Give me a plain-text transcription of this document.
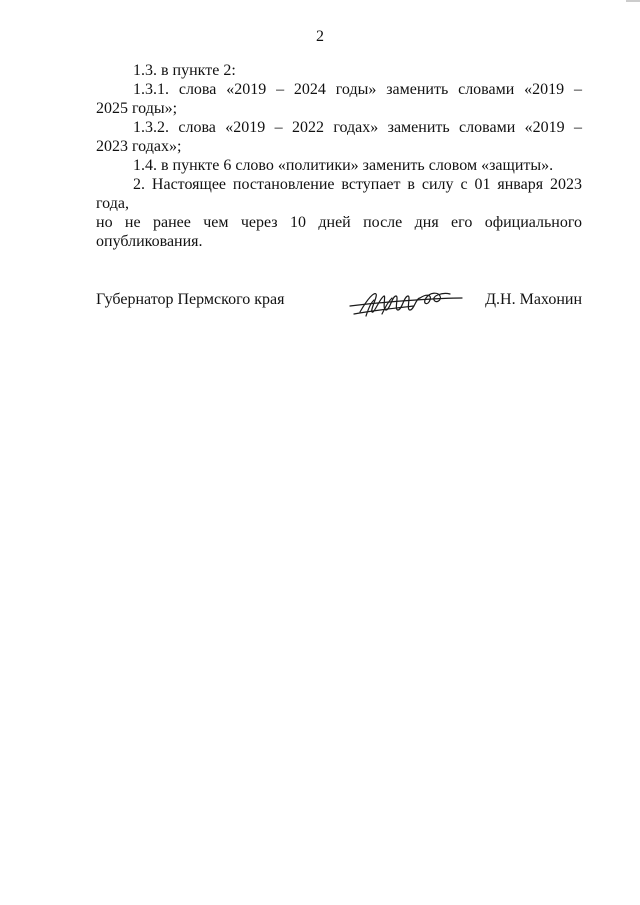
2

1.3. в пункте 2:

1.3.1. слова «2019 – 2024 годы» заменить словами «2019 –

2025 годы»;

1.3.2. слова «2019 – 2022 годах» заменить словами «2019 –

2023 годах»;

1.4. в пункте 6 слово «политики» заменить словом «защиты».

2. Настоящее постановление вступает в силу с 01 января 2023 года,

но не ранее чем через 10 дней после дня его официального опубликования.

Губернатор Пермского края	Д.Н. Махонин
